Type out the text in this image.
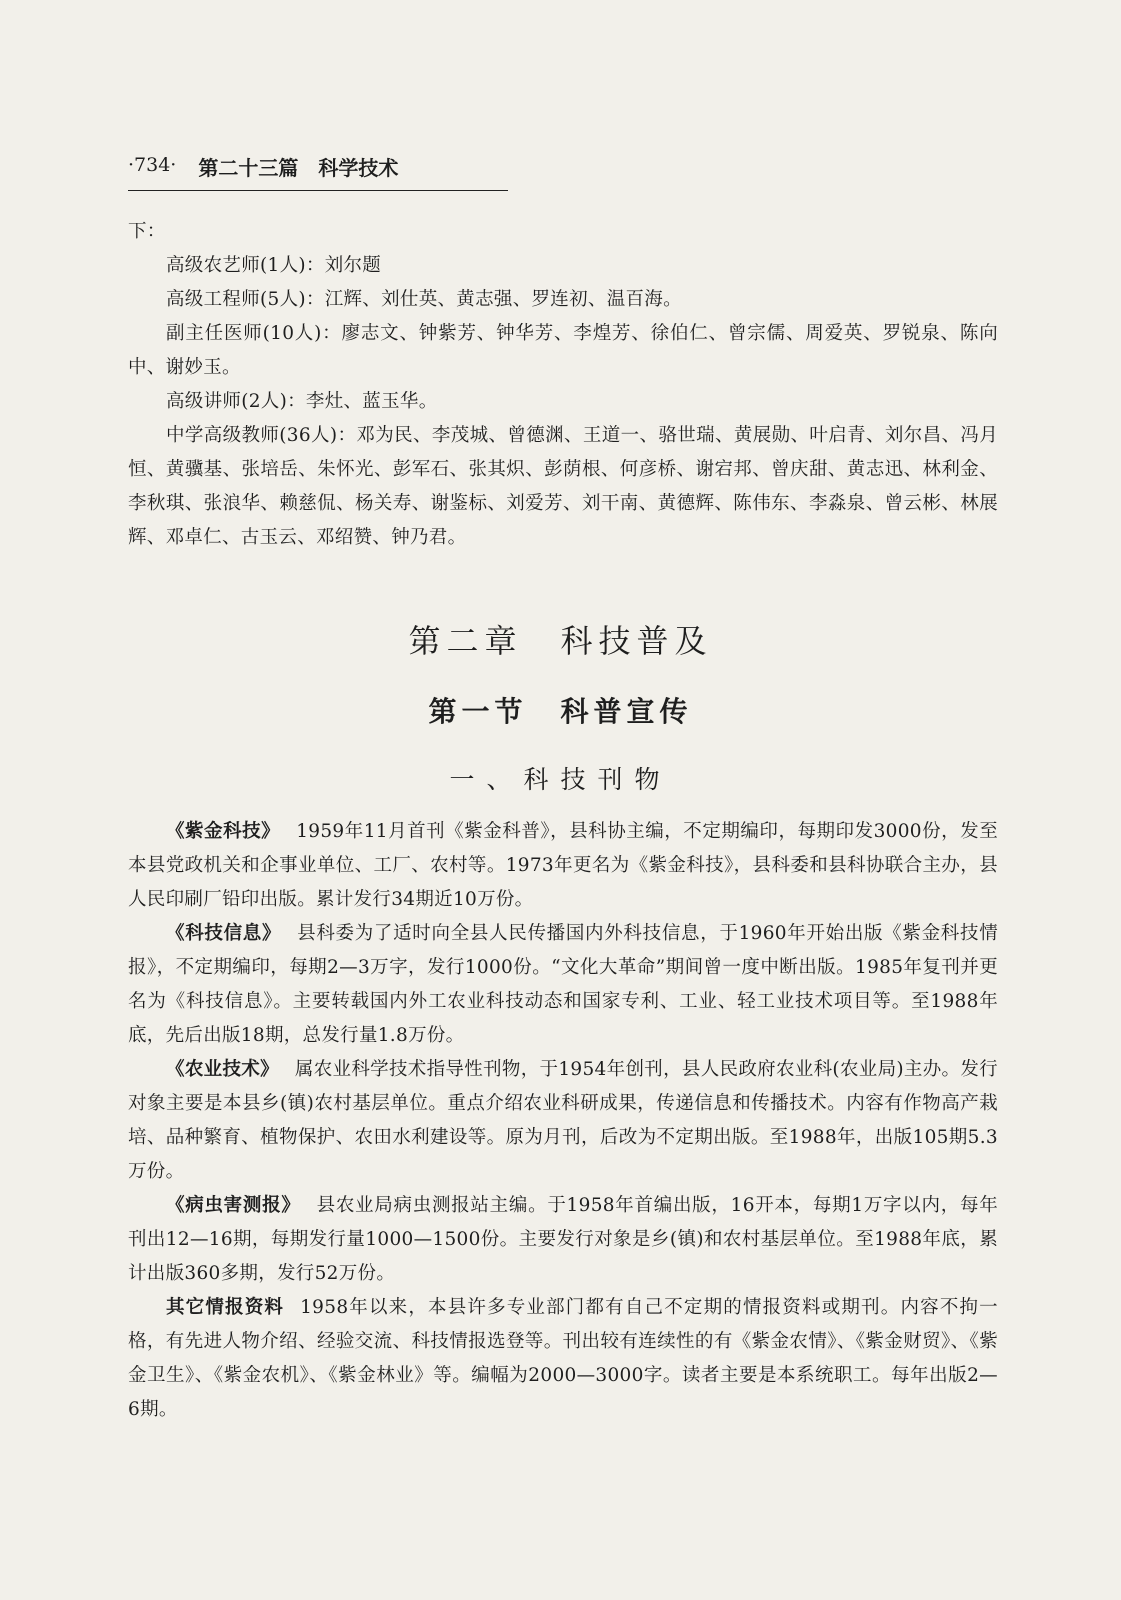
·734· 第二十三篇　科学技术

下：

高级农艺师(1人)：刘尔题

高级工程师(5人)：江辉、刘仕英、黄志强、罗连初、温百海。

副主任医师(10人)：廖志文、钟紫芳、钟华芳、李煌芳、徐伯仁、曾宗儒、周爱英、罗锐泉、陈向中、谢妙玉。

高级讲师(2人)：李灶、蓝玉华。

中学高级教师(36人)：邓为民、李茂城、曾德渊、王道一、骆世瑞、黄展勋、叶启青、刘尔昌、冯月恒、黄骥基、张培岳、朱怀光、彭军石、张其炽、彭荫根、何彦桥、谢宕邦、曾庆甜、黄志迅、林利金、李秋琪、张浪华、赖慈侃、杨关寿、谢鉴标、刘爱芳、刘干南、黄德辉、陈伟东、李淼泉、曾云彬、林展辉、邓卓仁、古玉云、邓绍赞、钟乃君。

第二章　科技普及
第一节　科普宣传
一、科技刊物

《紫金科技》 1959年11月首刊《紫金科普》，县科协主编，不定期编印，每期印发3000份，发至本县党政机关和企事业单位、工厂、农村等。1973年更名为《紫金科技》，县科委和县科协联合主办，县人民印刷厂铅印出版。累计发行34期近10万份。

《科技信息》 县科委为了适时向全县人民传播国内外科技信息，于1960年开始出版《紫金科技情报》，不定期编印，每期2—3万字，发行1000份。“文化大革命”期间曾一度中断出版。1985年复刊并更名为《科技信息》。主要转载国内外工农业科技动态和国家专利、工业、轻工业技术项目等。至1988年底，先后出版18期，总发行量1.8万份。

《农业技术》 属农业科学技术指导性刊物，于1954年创刊，县人民政府农业科(农业局)主办。发行对象主要是本县乡(镇)农村基层单位。重点介绍农业科研成果，传递信息和传播技术。内容有作物高产栽培、品种繁育、植物保护、农田水利建设等。原为月刊，后改为不定期出版。至1988年，出版105期5.3万份。

《病虫害测报》 县农业局病虫测报站主编。于1958年首编出版，16开本，每期1万字以内，每年刊出12—16期，每期发行量1000—1500份。主要发行对象是乡(镇)和农村基层单位。至1988年底，累计出版360多期，发行52万份。

其它情报资料 1958年以来，本县许多专业部门都有自己不定期的情报资料或期刊。内容不拘一格，有先进人物介绍、经验交流、科技情报选登等。刊出较有连续性的有《紫金农情》、《紫金财贸》、《紫金卫生》、《紫金农机》、《紫金林业》等。编幅为2000—3000字。读者主要是本系统职工。每年出版2—6期。
